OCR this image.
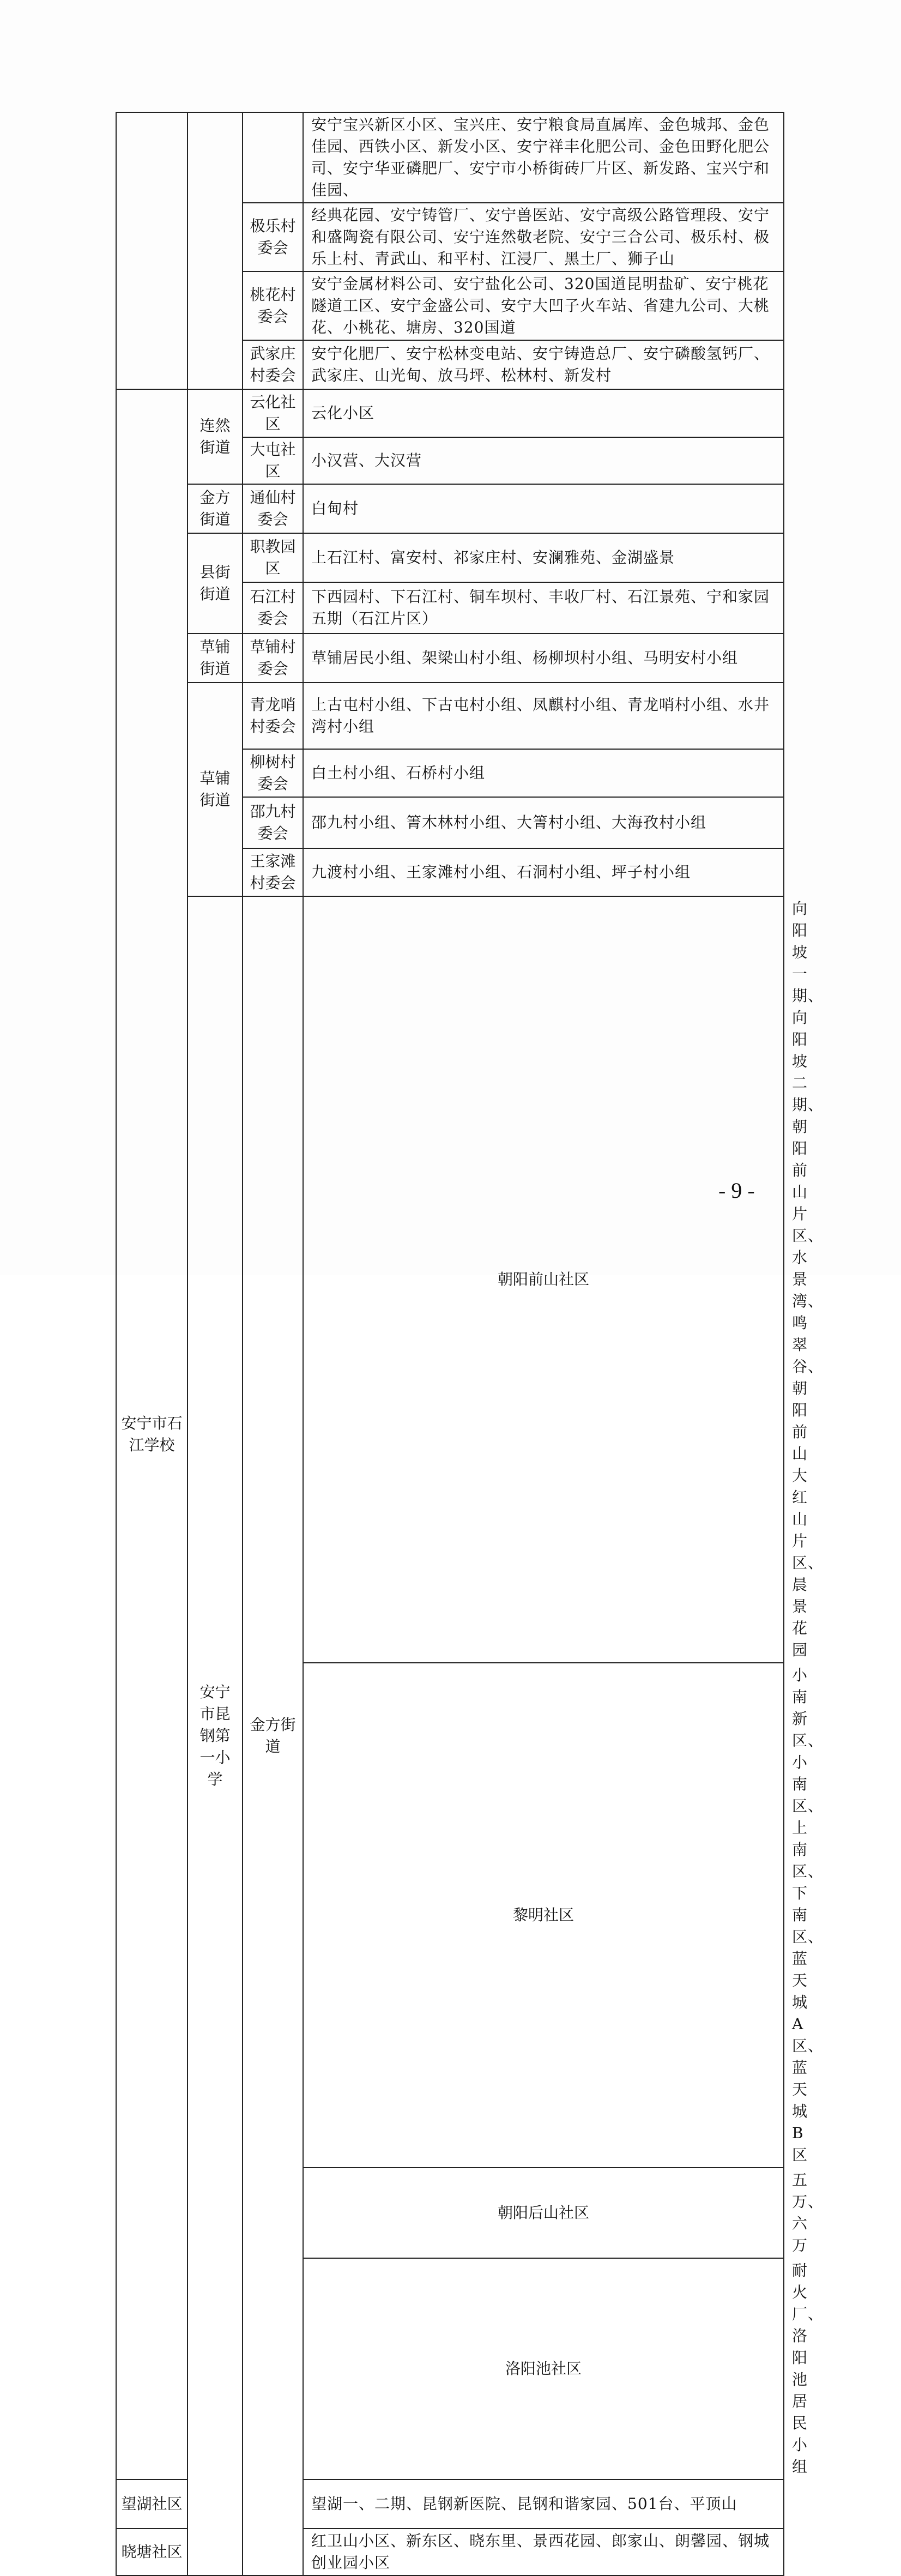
			安宁宝兴新区小区、宝兴庄、安宁粮食局直属库、金色城邦、金色佳园、西铁小区、新发小区、安宁祥丰化肥公司、金色田野化肥公司、安宁华亚磷肥厂、安宁市小桥街砖厂片区、新发路、宝兴宁和佳园、	
		极乐村委会	经典花园、安宁铸管厂、安宁兽医站、安宁高级公路管理段、安宁和盛陶瓷有限公司、安宁连然敬老院、安宁三合公司、极乐村、极乐上村、青武山、和平村、江浸厂、黑土厂、狮子山	
		桃花村委会	安宁金属材料公司、安宁盐化公司、320国道昆明盐矿、安宁桃花隧道工区、安宁金盛公司、安宁大凹子火车站、省建九公司、大桃花、小桃花、塘房、320国道	
		武家庄村委会	安宁化肥厂、安宁松林变电站、安宁铸造总厂、安宁磷酸氢钙厂、武家庄、山光甸、放马坪、松林村、新发村	
安宁市石江学校	连然街道	云化社区	云化小区	
		大屯社区	小汉营、大汉营	
	金方街道	通仙村委会	白甸村	
	县街街道	职教园区	上石江村、富安村、祁家庄村、安澜雅苑、金湖盛景	
		石江村委会	下西园村、下石江村、铜车坝村、丰收厂村、石江景苑、宁和家园五期（石江片区）	
	草铺街道	草铺村委会	草铺居民小组、架梁山村小组、杨柳坝村小组、马明安村小组	
	草铺街道	青龙哨村委会	上古屯村小组、下古屯村小组、凤麒村小组、青龙哨村小组、水井湾村小组	
		柳树村委会	白土村小组、石桥村小组	
		邵九村委会	邵九村小组、箐木林村小组、大箐村小组、大海孜村小组	
		王家滩村委会	九渡村小组、王家滩村小组、石洞村小组、坪子村小组	
	安宁市昆钢第一小学	金方街道	朝阳前山社区	向阳坡一期、向阳坡二期、朝阳前山片区、水景湾、鸣翠谷、朝阳前山大红山片区、晨景花园
			黎明社区	小南新区、小南区、上南区、下南区、蓝天城A区、蓝天城B区
			朝阳后山社区	五万、六万
			洛阳池社区	耐火厂、洛阳池居民小组
望湖社区			望湖一、二期、昆钢新医院、昆钢和谐家园、501台、平顶山	
晓塘社区			红卫山小区、新东区、晓东里、景西花园、郎家山、朗馨园、钢城创业园小区	
- 9 -
